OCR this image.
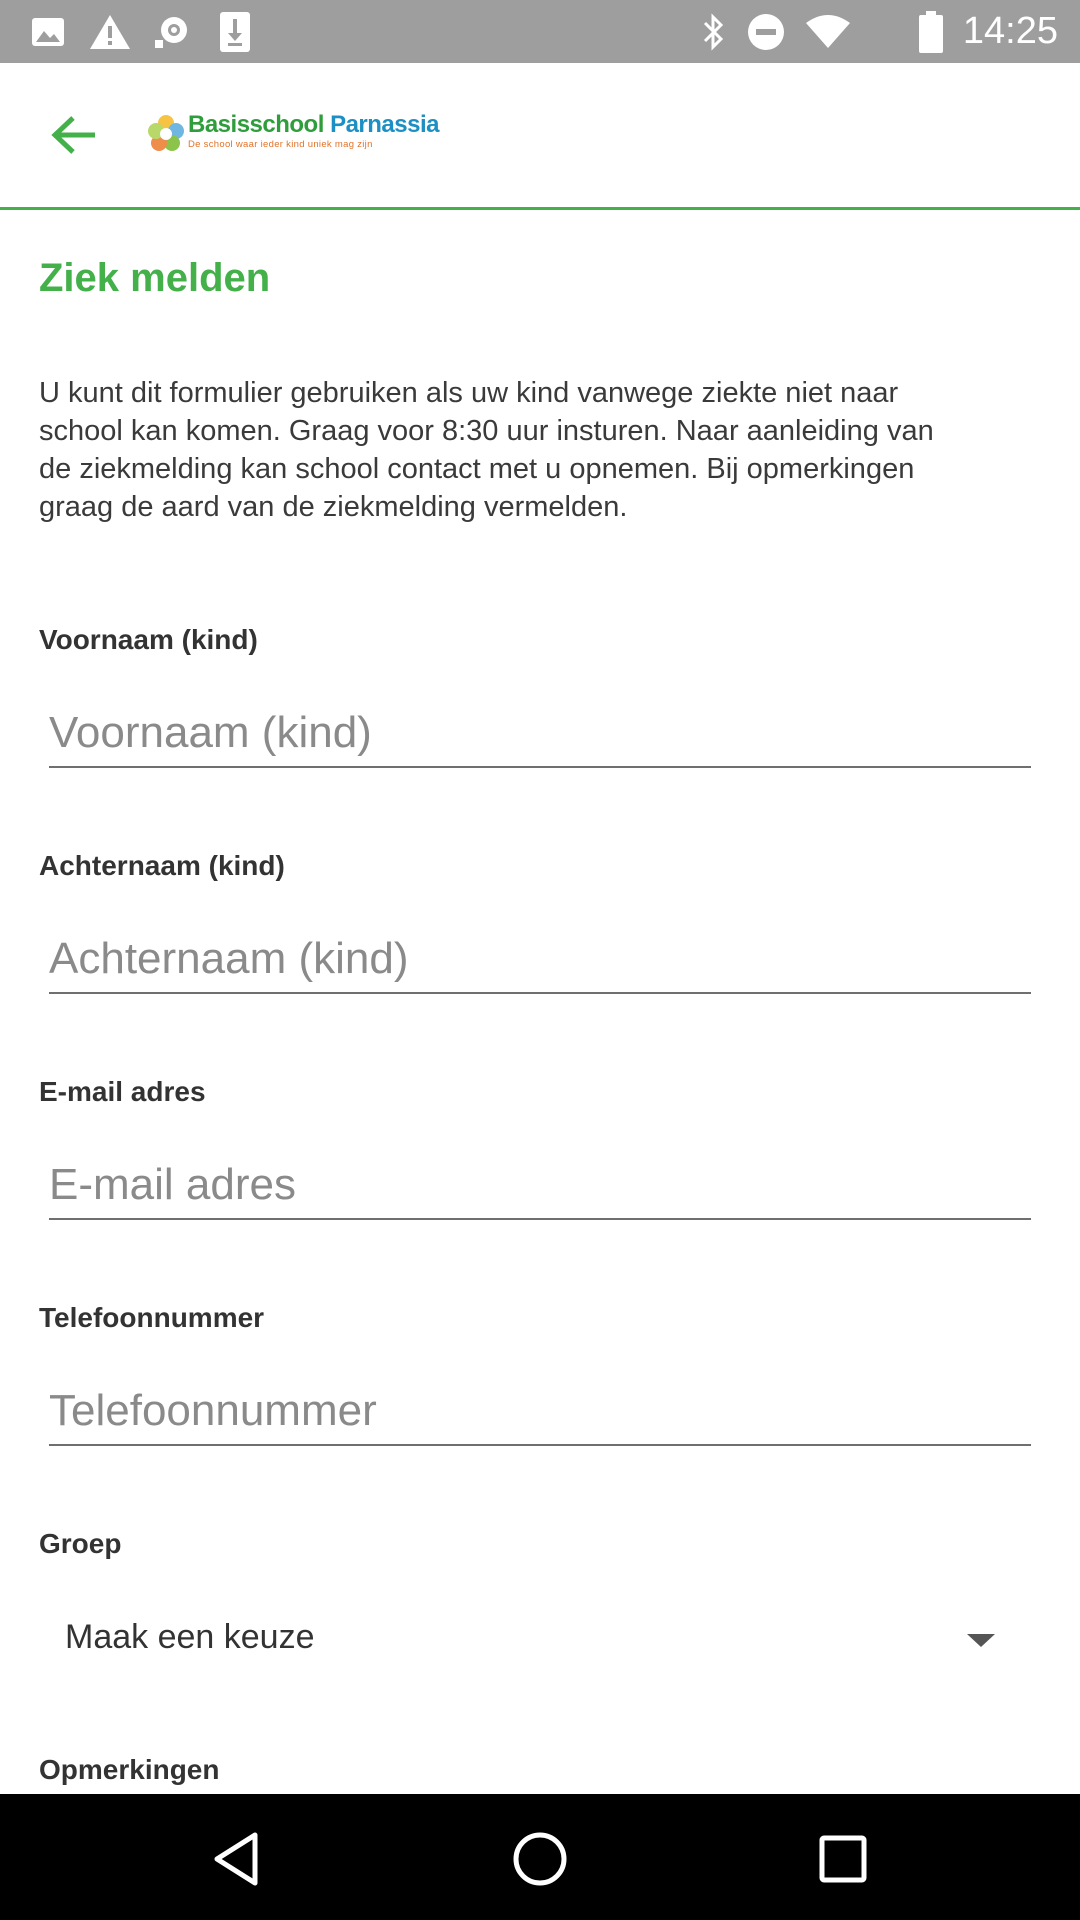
14:25
Basisschool Parnassia
De school waar ieder kind uniek mag zijn
Ziek melden

U kunt dit formulier gebruiken als uw kind vanwege ziekte niet naar school kan komen. Graag voor 8:30 uur insturen. Naar aanleiding van de ziekmelding kan school contact met u opnemen. Bij opmerkingen graag de aard van de ziekmelding vermelden.

Voornaam (kind)

Voornaam (kind)

Achternaam (kind)

Achternaam (kind)

E-mail adres

E-mail adres

Telefoonnummer

Telefoonnummer

Groep

Maak een keuze

Opmerkingen
